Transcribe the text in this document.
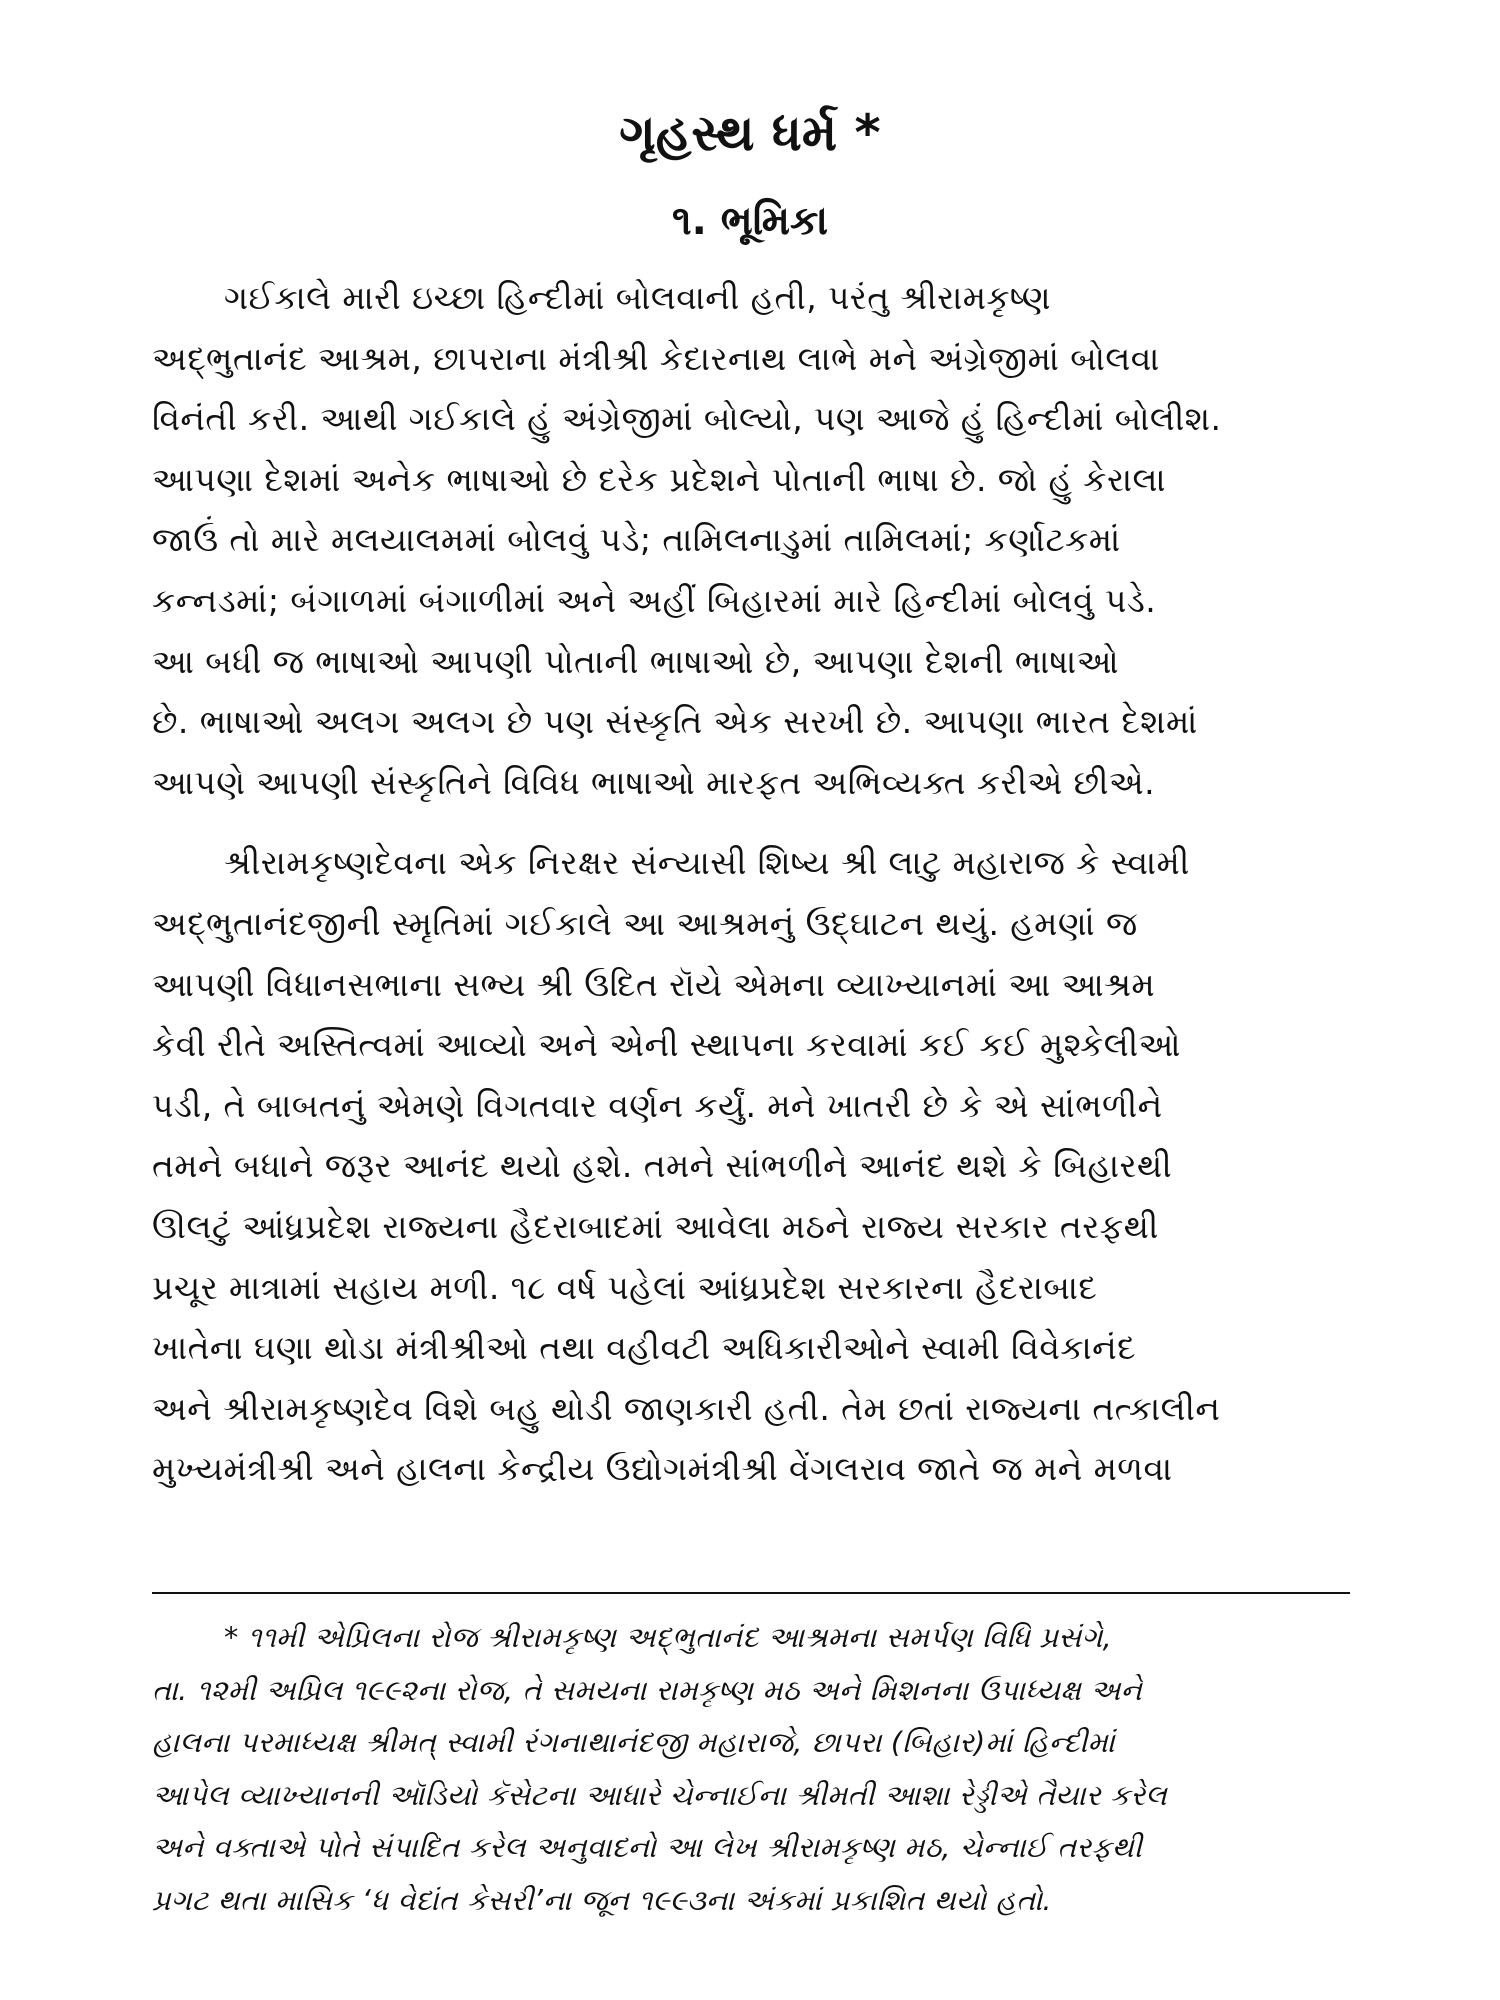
ગૃહસ્થ ધર્મ *
૧. ભૂમિકા
ગઈકાલે મારી ઇચ્છા હિન્દીમાં બોલવાની હતી, પરંતુ શ્રીરામકૃષ્ણ
અદ્‌ભુતાનંદ આશ્રમ, છાપરાના મંત્રીશ્રી કેદારનાથ લાભે મને અંગ્રેજીમાં બોલવા
વિનંતી કરી. આથી ગઈકાલે હું અંગ્રેજીમાં બોલ્યો, પણ આજે હું હિન્દીમાં બોલીશ.
આપણા દેશમાં અનેક ભાષાઓ છે દરેક પ્રદેશને પોતાની ભાષા છે. જો હું કેરાલા
જાઉં તો મારે મલયાલમમાં બોલવું પડે; તામિલનાડુમાં તામિલમાં; કર્ણાટકમાં
કન્નડમાં; બંગાળમાં બંગાળીમાં અને અહીં બિહારમાં મારે હિન્દીમાં બોલવું પડે.
આ બધી જ ભાષાઓ આપણી પોતાની ભાષાઓ છે, આપણા દેશની ભાષાઓ
છે. ભાષાઓ અલગ અલગ છે પણ સંસ્કૃતિ એક સરખી છે. આપણા ભારત દેશમાં
આપણે આપણી સંસ્કૃતિને વિવિધ ભાષાઓ મારફત અભિવ્યક્ત કરીએ છીએ.
શ્રીરામકૃષ્ણદેવના એક નિરક્ષર સંન્યાસી શિષ્ય શ્રી લાટુ મહારાજ કે સ્વામી
અદ્‌ભુતાનંદજીની સ્મૃતિમાં ગઈકાલે આ આશ્રમનું ઉદ્‌ઘાટન થયું. હમણાં જ
આપણી વિધાનસભાના સભ્ય શ્રી ઉદિત રૉયે એમના વ્યાખ્યાનમાં આ આશ્રમ
કેવી રીતે અસ્તિત્વમાં આવ્યો અને એની સ્થાપના કરવામાં કઈ કઈ મુશ્કેલીઓ
પડી, તે બાબતનું એમણે વિગતવાર વર્ણન કર્યું. મને ખાતરી છે કે એ સાંભળીને
તમને બધાને જરૂર આનંદ થયો હશે. તમને સાંભળીને આનંદ થશે કે બિહારથી
ઊલટું આંધ્રપ્રદેશ રાજ્યના હૈદરાબાદમાં આવેલા મઠને રાજ્ય સરકાર તરફથી
પ્રચૂર માત્રામાં સહાય મળી. ૧૮ વર્ષ પહેલાં આંધ્રપ્રદેશ સરકારના હૈદરાબાદ
ખાતેના ઘણા થોડા મંત્રીશ્રીઓ તથા વહીવટી અધિકારીઓને સ્વામી વિવેકાનંદ
અને શ્રીરામકૃષ્ણદેવ વિશે બહુ થોડી જાણકારી હતી. તેમ છતાં રાજ્યના તત્કાલીન
મુખ્યમંત્રીશ્રી અને હાલના કેન્દ્રીય ઉદ્યોગમંત્રીશ્રી વેંગલરાવ જાતે જ મને મળવા
* ૧૧મી એપ્રિલના રોજ શ્રીરામકૃષ્ણ અદ્‌ભુતાનંદ આશ્રમના સમર્પણ વિધિ પ્રસંગે,
તા. ૧૨મી અપ્રિલ ૧૯૯૨ના રોજ, તે સમયના રામકૃષ્ણ મઠ અને મિશનના ઉપાધ્યક્ષ અને
હાલના પરમાધ્યક્ષ શ્રીમત્‌ સ્વામી રંગનાથાનંદજી મહારાજે, છાપરા (બિહાર)માં હિન્દીમાં
આપેલ વ્યાખ્યાનની ઑડિયો કૅસેટના આધારે ચેન્નાઈના શ્રીમતી આશા રેડ્ડીએ તૈયાર કરેલ
અને વક્તાએ પોતે સંપાદિત કરેલ અનુવાદનો આ લેખ શ્રીરામકૃષ્ણ મઠ, ચેન્નાઈ તરફથી
પ્રગટ થતા માસિક ‘ધ વેદાંત કેસરી’ના જૂન ૧૯૯૩ના અંકમાં પ્રકાશિત થયો હતો.
